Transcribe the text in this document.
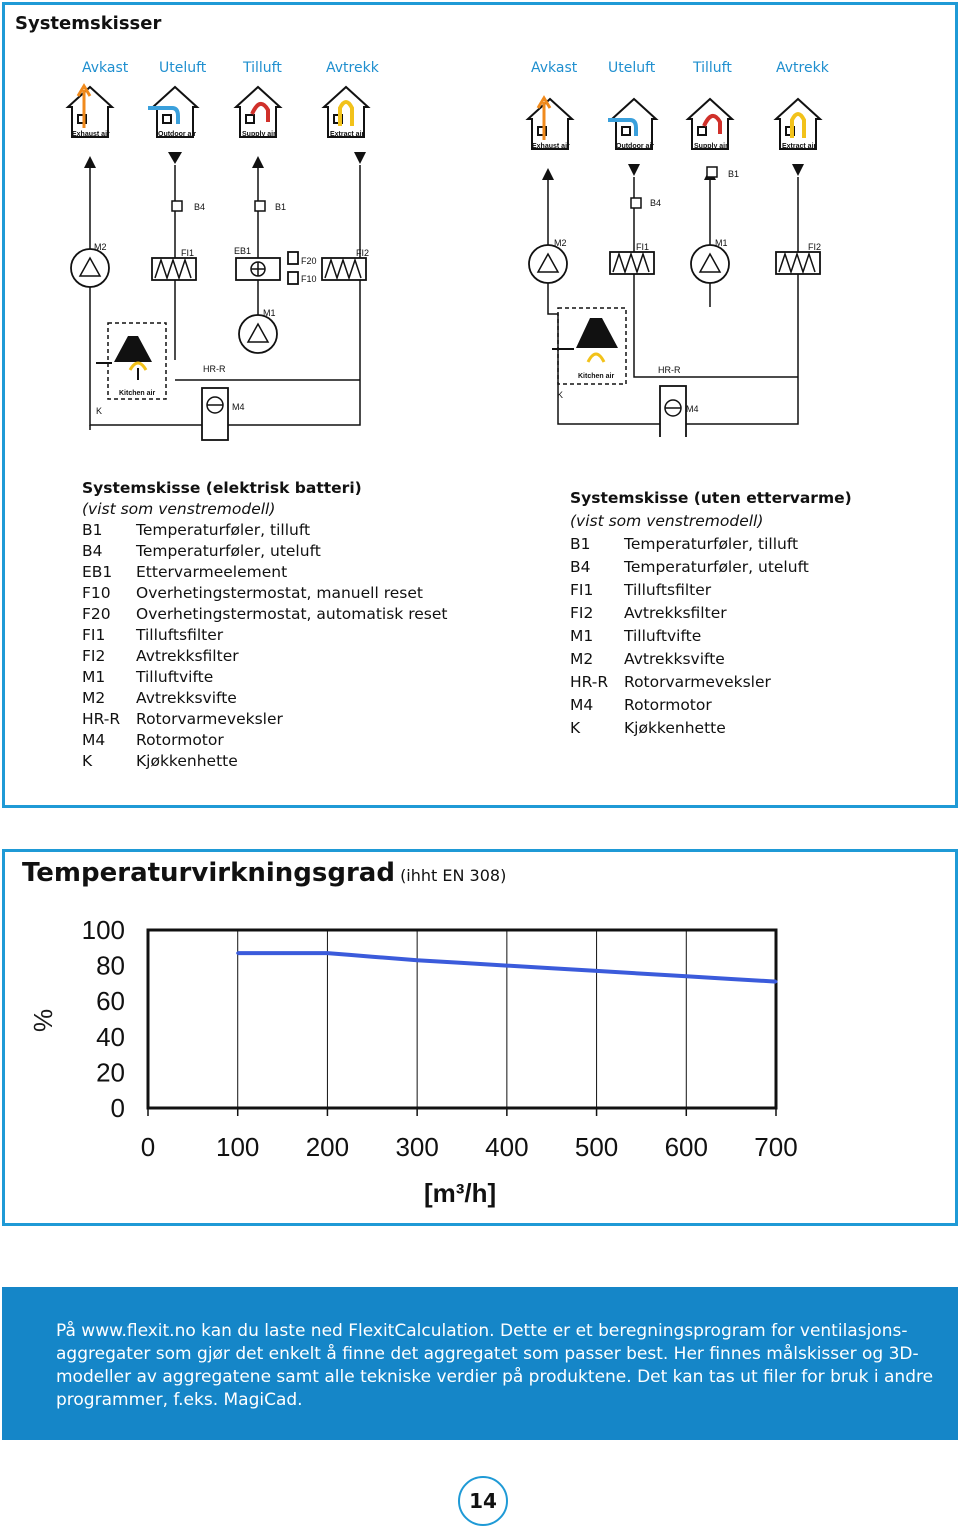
Systemskisser
Avkast Uteluft	Tilluft	Avtrekk	Avkast Uteluft	Tilluft	Avtrekk
Exhaust air	Outdoor air	Supply air	Extract air
B4	B1
M2
FI1	EB1
F20
F10
FI2
M1
Kitchen air
K
HR-R
M4
Exhaust air	Outdoor air	Supply air	Extract air
B1
B4
M2	FI1	M1	FI2
Kitchen air
K
HR-R
M4
Systemskisse (elektrisk batteri)
(vist som venstremodell)
B1	Temperaturføler, tilluft
B4	Temperaturføler, uteluft
EB1	Ettervarmeelement
F10	Overhetingstermostat, manuell reset
F20	Overhetingstermostat, automatisk reset
FI1	Tilluftsfilter
FI2	Avtrekksfilter
M1	Tilluftvifte
M2	Avtrekksvifte
HR-R	Rotorvarmeveksler
M4	Rotormotor
K	Kjøkkenhette
Systemskisse (uten ettervarme)
(vist som venstremodell)
B1	Temperaturføler, tilluft
B4	Temperaturføler, uteluft
FI1	Tilluftsfilter
FI2	Avtrekksfilter
M1	Tilluftvifte
M2	Avtrekksvifte
HR-R	Rotorvarmeveksler
M4	Rotormotor
K	Kjøkkenhette
Temperaturvirkningsgrad (ihht EN 308)
%
0 100 200 300 400 500 600 700
100
80
60
40
20
0
[m³/h]

På www.flexit.no kan du laste ned FlexitCalculation. Dette er et beregningsprogram for ventilasjons-aggregater som gjør det enkelt å finne det aggregatet som passer best. Her finnes målskisser og 3D-modeller av aggregatene samt alle tekniske verdier på produktene. Det kan tas ut filer for bruk i andre programmer, f.eks. MagiCad.

14
